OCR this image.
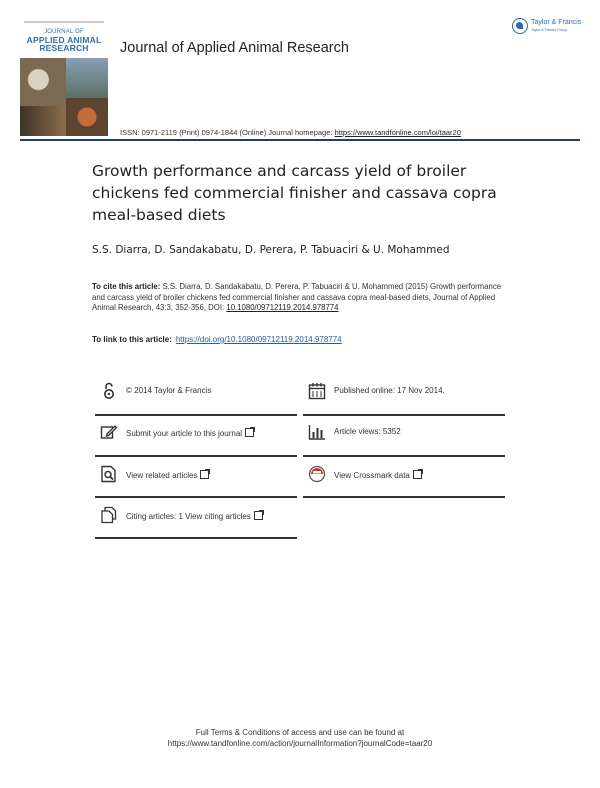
JOURNAL OF
APPLIED ANIMAL
RESEARCH	Journal of Applied Animal Research
ISSN: 0971-2119 (Print) 0974-1844 (Online) Journal homepage: https://www.tandfonline.com/loi/taar20
Taylor & Francis
Taylor & Francis Group
Growth performance and carcass yield of broiler chickens fed commercial finisher and cassava copra meal-based diets
S.S. Diarra, D. Sandakabatu, D. Perera, P. Tabuaciri & U. Mohammed
To cite this article: S.S. Diarra, D. Sandakabatu, D. Perera, P. Tabuaciri & U. Mohammed (2015) Growth performance and carcass yield of broiler chickens fed commercial finisher and cassava copra meal-based diets, Journal of Applied Animal Research, 43:3, 352-356, DOI: 10.1080/09712119.2014.978774
To link to this article: https://doi.org/10.1080/09712119.2014.978774
© 2014 Taylor & Francis
Submit your article to this journal
View related articles
Citing articles: 1 View citing articles
Published online: 17 Nov 2014.
Article views: 5352
View Crossmark data
Full Terms & Conditions of access and use can be found at
https://www.tandfonline.com/action/journalInformation?journalCode=taar20
